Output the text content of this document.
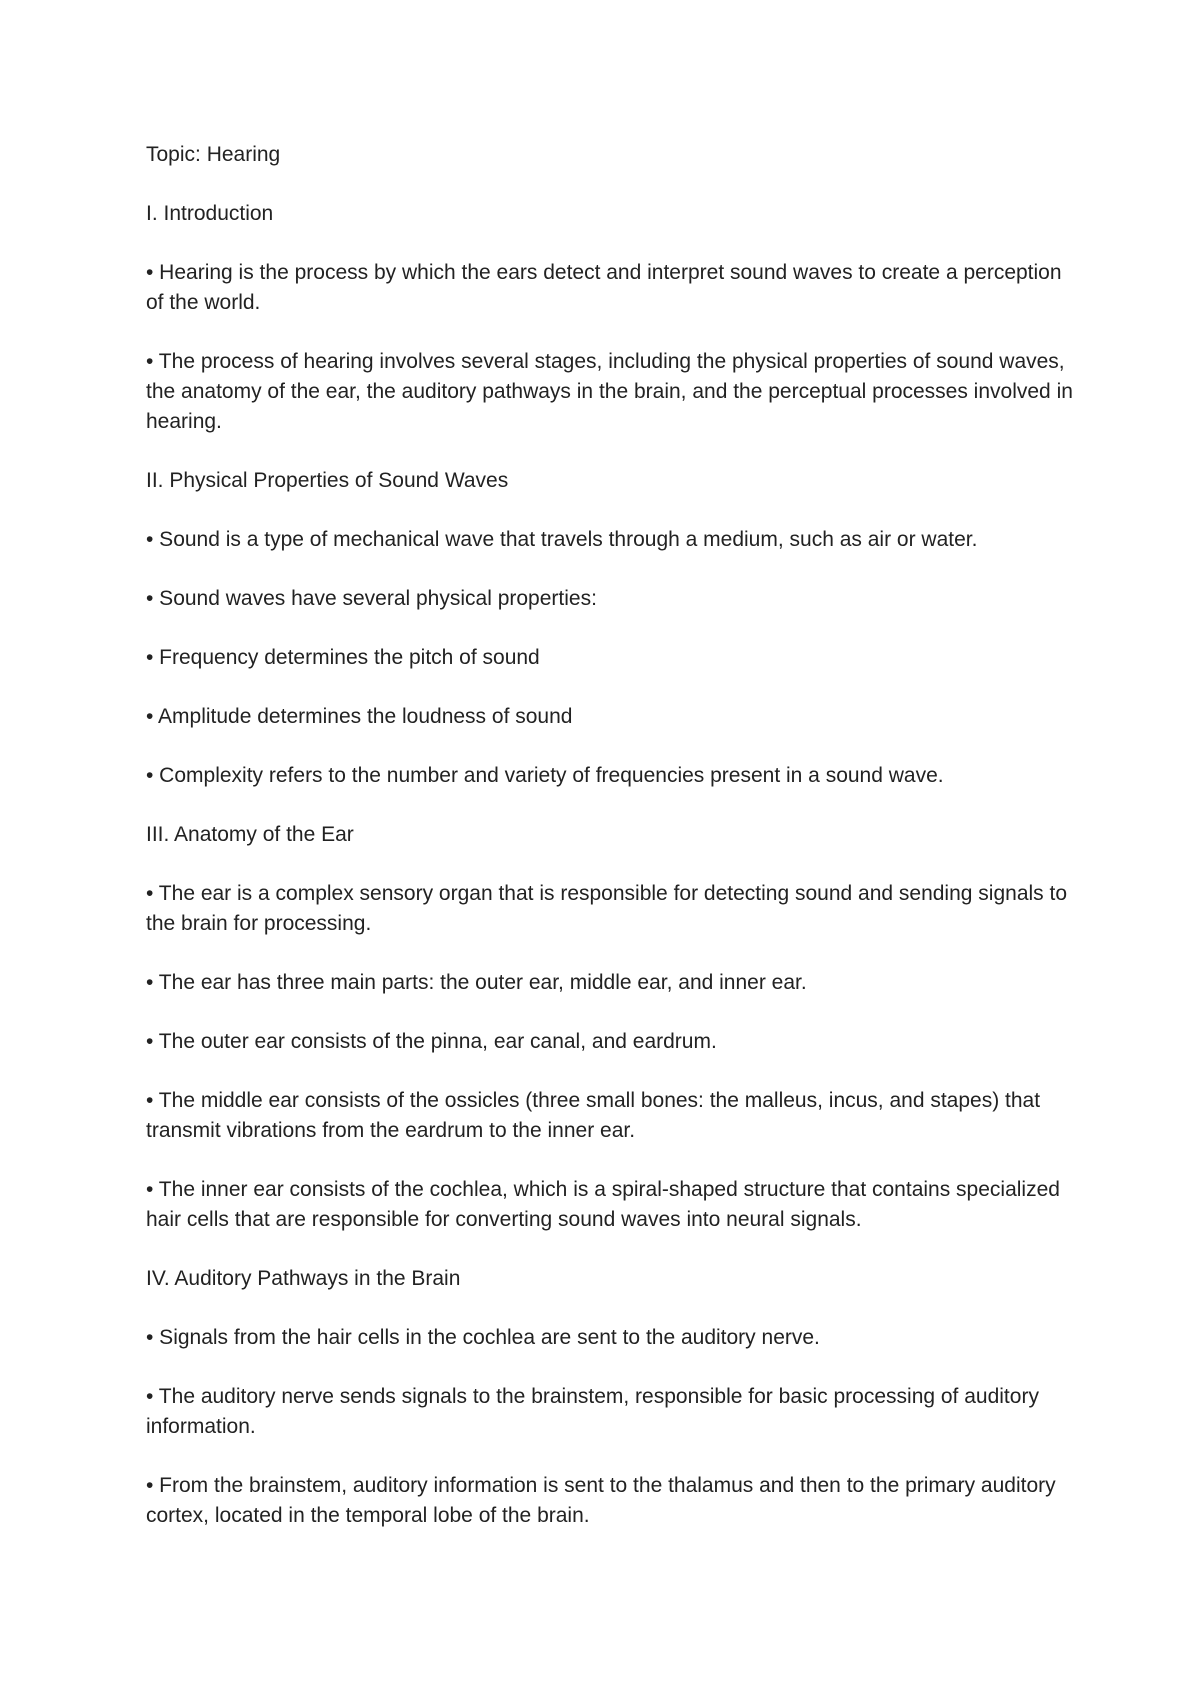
Topic: Hearing

I. Introduction

• Hearing is the process by which the ears detect and interpret sound waves to create a perception of the world.

• The process of hearing involves several stages, including the physical properties of sound waves, the anatomy of the ear, the auditory pathways in the brain, and the perceptual processes involved in hearing.

II. Physical Properties of Sound Waves

• Sound is a type of mechanical wave that travels through a medium, such as air or water.

• Sound waves have several physical properties:

• Frequency determines the pitch of sound

• Amplitude determines the loudness of sound

• Complexity refers to the number and variety of frequencies present in a sound wave.

III. Anatomy of the Ear

• The ear is a complex sensory organ that is responsible for detecting sound and sending signals to the brain for processing.

• The ear has three main parts: the outer ear, middle ear, and inner ear.

• The outer ear consists of the pinna, ear canal, and eardrum.

• The middle ear consists of the ossicles (three small bones: the malleus, incus, and stapes) that transmit vibrations from the eardrum to the inner ear.

• The inner ear consists of the cochlea, which is a spiral-shaped structure that contains specialized hair cells that are responsible for converting sound waves into neural signals.

IV. Auditory Pathways in the Brain

• Signals from the hair cells in the cochlea are sent to the auditory nerve.

• The auditory nerve sends signals to the brainstem, responsible for basic processing of auditory information.

• From the brainstem, auditory information is sent to the thalamus and then to the primary auditory cortex, located in the temporal lobe of the brain.
